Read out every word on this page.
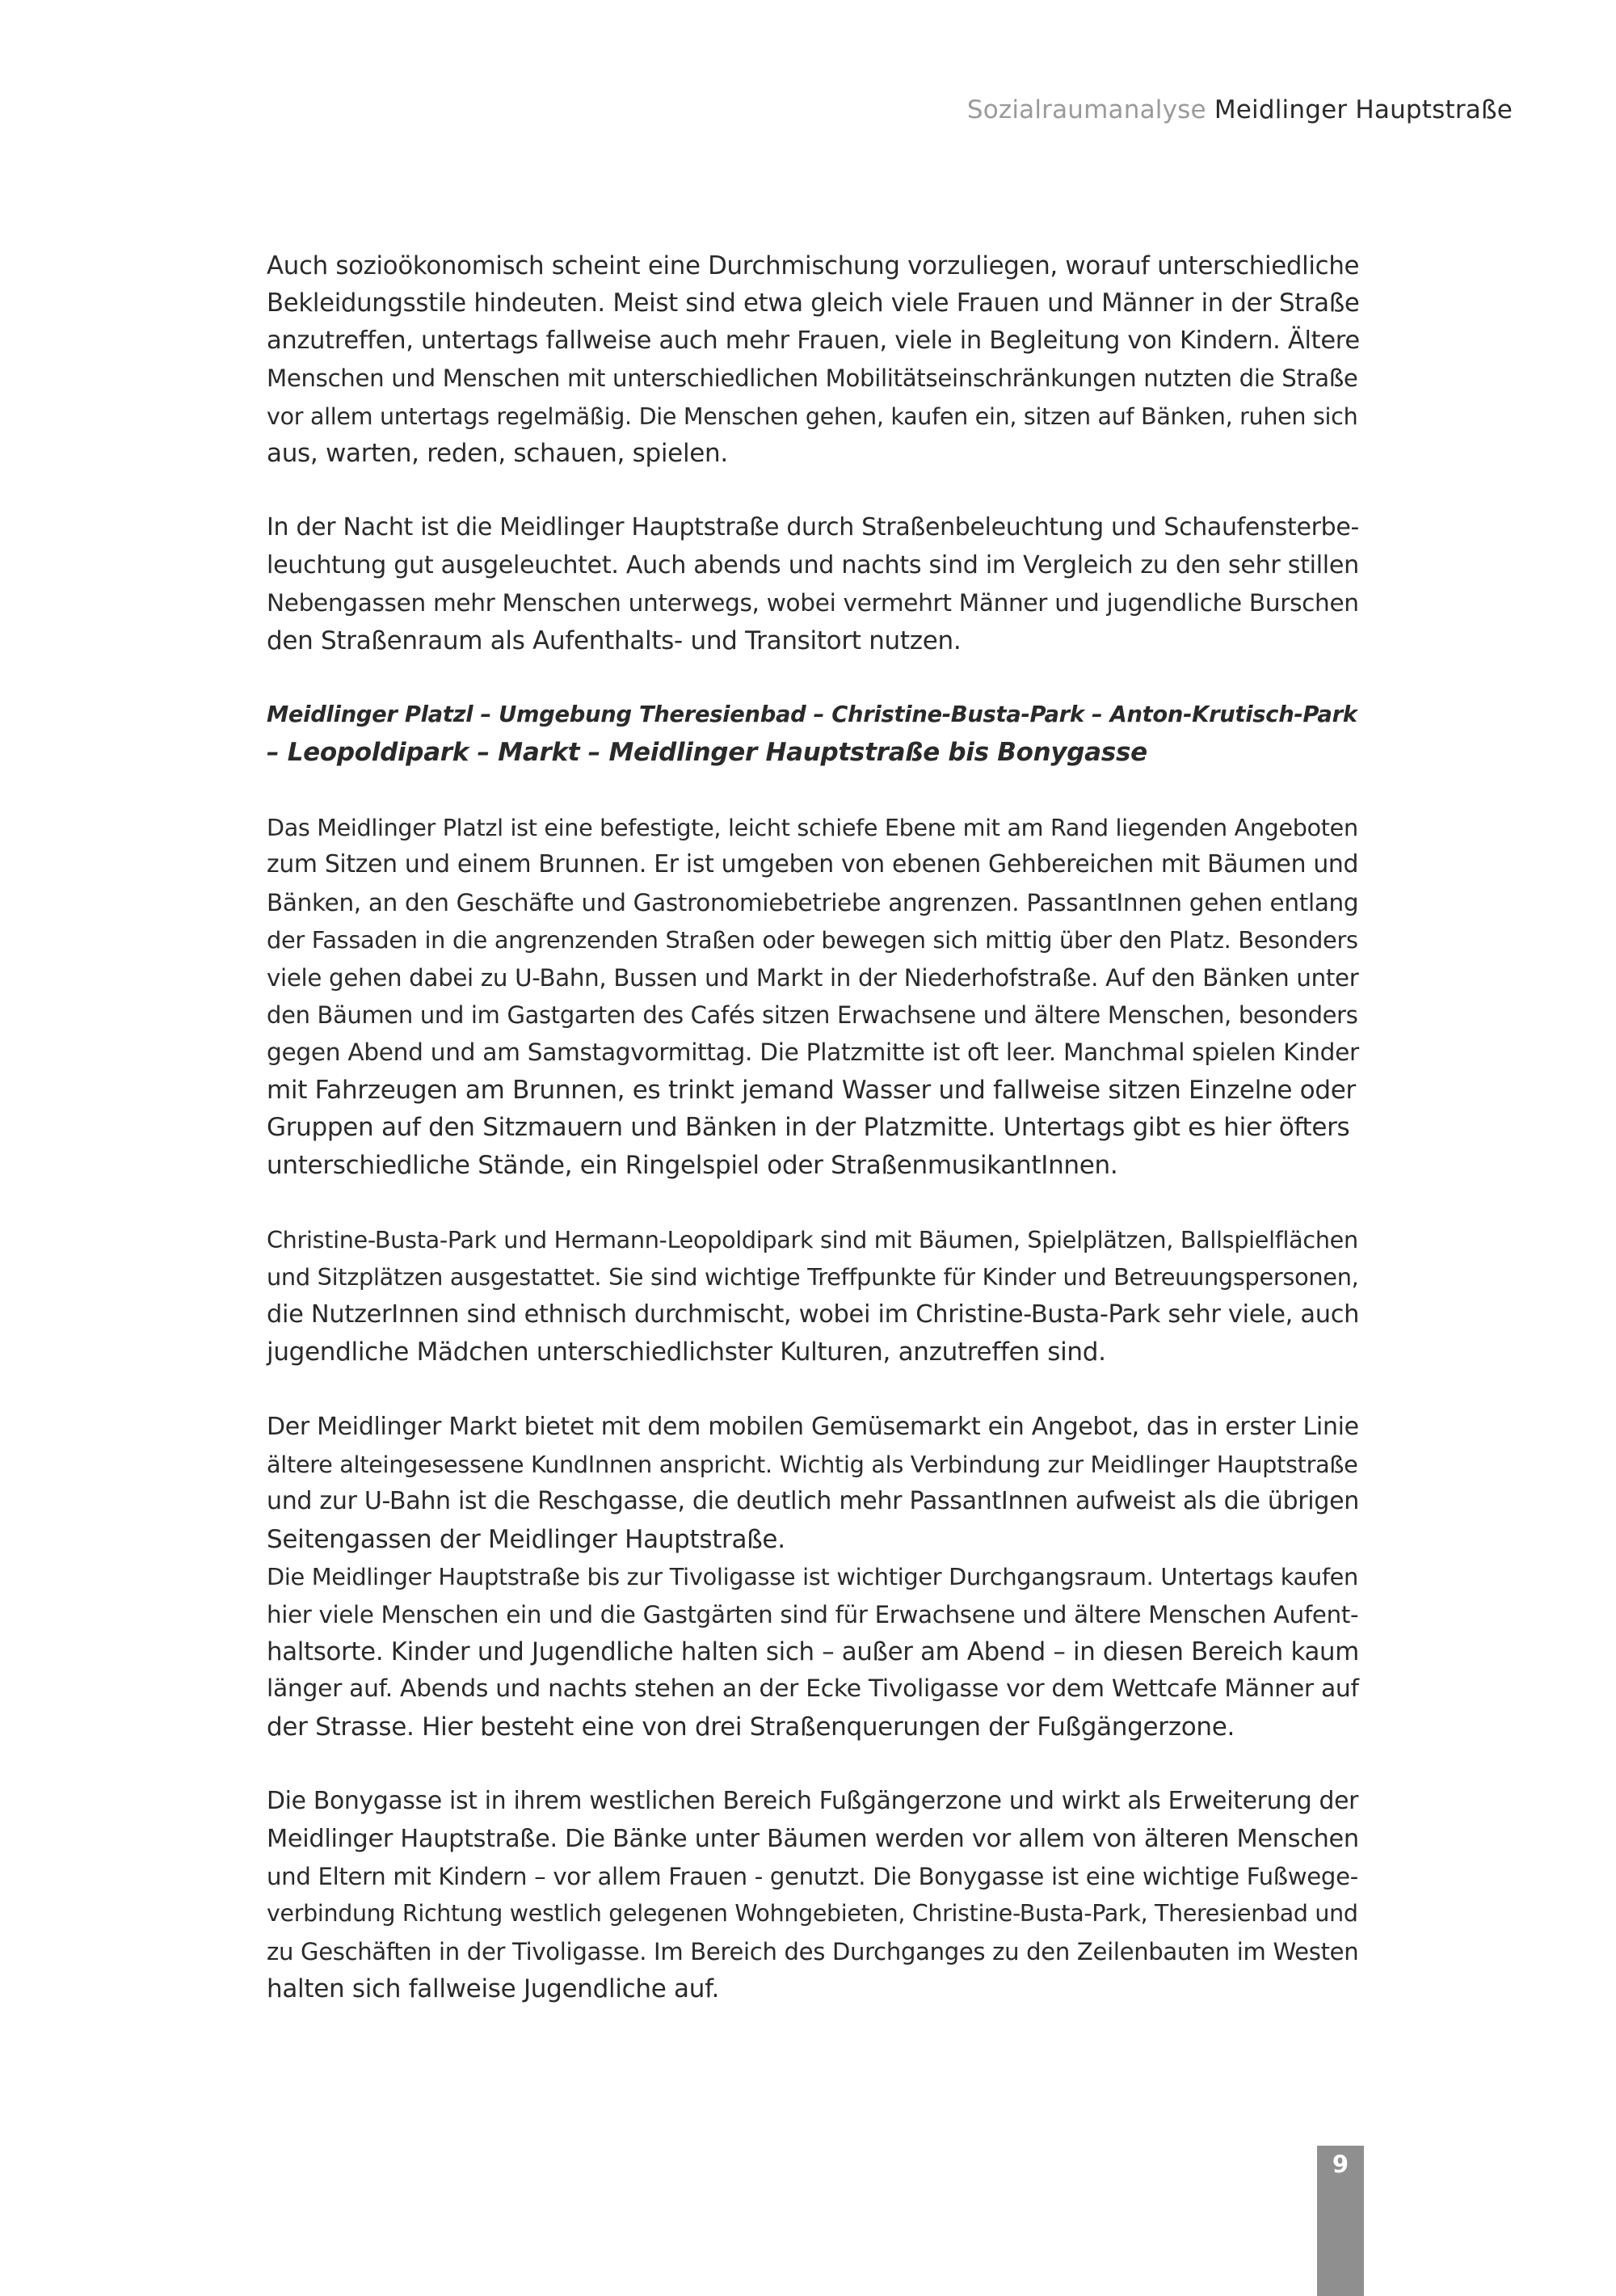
Sozialraumanalyse Meidlinger Hauptstraße

Auch sozioökonomisch scheint eine Durchmischung vorzuliegen, worauf unterschiedliche
Bekleidungsstile hindeuten. Meist sind etwa gleich viele Frauen und Männer in der Straße
anzutreffen, untertags fallweise auch mehr Frauen, viele in Begleitung von Kindern. Ältere
Menschen und Menschen mit unterschiedlichen Mobilitätseinschränkungen nutzten die Straße
vor allem untertags regelmäßig. Die Menschen gehen, kaufen ein, sitzen auf Bänken, ruhen sich
aus, warten, reden, schauen, spielen.

In der Nacht ist die Meidlinger Hauptstraße durch Straßenbeleuchtung und Schaufensterbe-
leuchtung gut ausgeleuchtet. Auch abends und nachts sind im Vergleich zu den sehr stillen
Nebengassen mehr Menschen unterwegs, wobei vermehrt Männer und jugendliche Burschen
den Straßenraum als Aufenthalts- und Transitort nutzen.

Meidlinger Platzl – Umgebung Theresienbad – Christine-Busta-Park – Anton-Krutisch-Park
– Leopoldipark – Markt – Meidlinger Hauptstraße bis Bonygasse

Das Meidlinger Platzl ist eine befestigte, leicht schiefe Ebene mit am Rand liegenden Angeboten
zum Sitzen und einem Brunnen. Er ist umgeben von ebenen Gehbereichen mit Bäumen und
Bänken, an den Geschäfte und Gastronomiebetriebe angrenzen. PassantInnen gehen entlang
der Fassaden in die angrenzenden Straßen oder bewegen sich mittig über den Platz. Besonders
viele gehen dabei zu U-Bahn, Bussen und Markt in der Niederhofstraße. Auf den Bänken unter
den Bäumen und im Gastgarten des Cafés sitzen Erwachsene und ältere Menschen, besonders
gegen Abend und am Samstagvormittag. Die Platzmitte ist oft leer. Manchmal spielen Kinder
mit Fahrzeugen am Brunnen, es trinkt jemand Wasser und fallweise sitzen Einzelne oder
Gruppen auf den Sitzmauern und Bänken in der Platzmitte. Untertags gibt es hier öfters
unterschiedliche Stände, ein Ringelspiel oder StraßenmusikantInnen.

Christine-Busta-Park und Hermann-Leopoldipark sind mit Bäumen, Spielplätzen, Ballspielflächen
und Sitzplätzen ausgestattet. Sie sind wichtige Treffpunkte für Kinder und Betreuungspersonen,
die NutzerInnen sind ethnisch durchmischt, wobei im Christine-Busta-Park sehr viele, auch
jugendliche Mädchen unterschiedlichster Kulturen, anzutreffen sind.

Der Meidlinger Markt bietet mit dem mobilen Gemüsemarkt ein Angebot, das in erster Linie
ältere alteingesessene KundInnen anspricht. Wichtig als Verbindung zur Meidlinger Hauptstraße
und zur U-Bahn ist die Reschgasse, die deutlich mehr PassantInnen aufweist als die übrigen
Seitengassen der Meidlinger Hauptstraße.
Die Meidlinger Hauptstraße bis zur Tivoligasse ist wichtiger Durchgangsraum. Untertags kaufen
hier viele Menschen ein und die Gastgärten sind für Erwachsene und ältere Menschen Aufent-
haltsorte. Kinder und Jugendliche halten sich – außer am Abend – in diesen Bereich kaum
länger auf. Abends und nachts stehen an der Ecke Tivoligasse vor dem Wettcafe Männer auf
der Strasse. Hier besteht eine von drei Straßenquerungen der Fußgängerzone.

Die Bonygasse ist in ihrem westlichen Bereich Fußgängerzone und wirkt als Erweiterung der
Meidlinger Hauptstraße. Die Bänke unter Bäumen werden vor allem von älteren Menschen
und Eltern mit Kindern – vor allem Frauen - genutzt. Die Bonygasse ist eine wichtige Fußwege-
verbindung Richtung westlich gelegenen Wohngebieten, Christine-Busta-Park, Theresienbad und
zu Geschäften in der Tivoligasse. Im Bereich des Durchganges zu den Zeilenbauten im Westen
halten sich fallweise Jugendliche auf.

9
